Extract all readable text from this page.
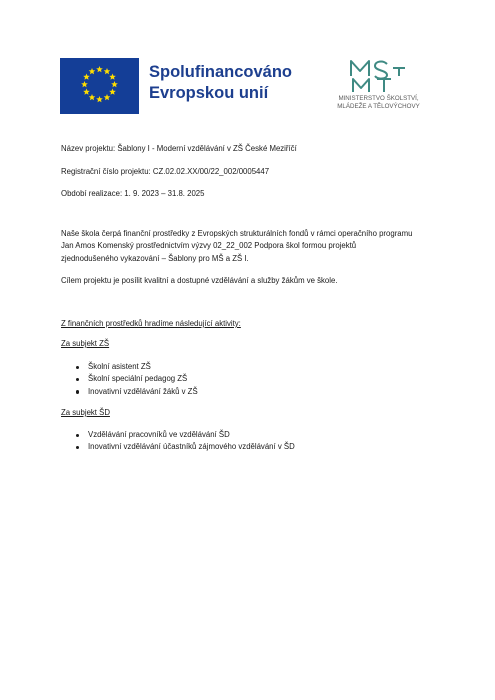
Spolufinancováno
Evropskou unií	MINISTERSTVO ŠKOLSTVÍ,
MLÁDEŽE A TĚLOVÝCHOVY
Název projektu: Šablony I - Moderní vzdělávání v ZŠ České Meziříčí
Registrační číslo projektu: CZ.02.02.XX/00/22_002/0005447
Období realizace: 1. 9. 2023 – 31.8. 2025
Naše škola čerpá finanční prostředky z Evropských strukturálních fondů v rámci operačního programu
Jan Amos Komenský prostřednictvím výzvy 02_22_002 Podpora škol formou projektů
zjednodušeného vykazování – Šablony pro MŠ a ZŠ I.
Cílem projektu je posílit kvalitní a dostupné vzdělávání a služby žákům ve škole.
Z finančních prostředků hradíme následující aktivity:
Za subjekt ZŠ
Školní asistent ZŠ
Školní speciální pedagog ZŠ
Inovativní vzdělávání žáků v ZŠ
Za subjekt ŠD
Vzdělávání pracovníků ve vzdělávání ŠD
Inovativní vzdělávání účastníků zájmového vzdělávání v ŠD
